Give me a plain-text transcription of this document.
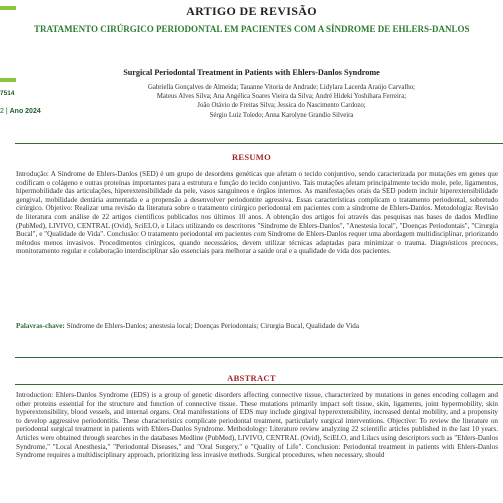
7514
2 | Ano 2024
ARTIGO DE REVISÃO
TRATAMENTO CIRÚRGICO PERIODONTAL EM PACIENTES COM A SÍNDROME DE EHLERS-DANLOS
Surgical Periodontal Treatment in Patients with Ehlers-Danlos Syndrome
Gabriella Gonçalves de Almeida; Tauanne Vitoria de Andrade; Lidylara Lacerda Araújo Carvalho;
Mateus Alves Silva; Ana Angélica Soares Vieira da Silva; André Hideki Yoshihara Ferreira;
João Otávio de Freitas Silva; Jessica do Nascimento Cardozo;
Sérgio Luiz Toledo; Anna Karolyne Grandio Silveira
RESUMO

Introdução: A Síndrome de Ehlers-Danlos (SED) é um grupo de desordens genéticas que afetam o tecido conjuntivo, sendo caracterizada por mutações em genes que codificam o colágeno e outras proteínas importantes para a estrutura e função do tecido conjuntivo. Tais mutações afetam principalmente tecido mole, pele, ligamentos, hipermobilidade das articulações, hiperextensibilidade da pele, vasos sanguíneos e órgãos internos. As manifestações orais da SED podem incluir hiperextensibilidade gengival, mobilidade dentária aumentada e a propensão a desenvolver periodontite agressiva. Essas características complicam o tratamento periodontal, sobretudo cirúrgico. Objetivo: Realizar uma revisão da literatura sobre o tratamento cirúrgico periodontal em pacientes com a síndrome de Ehlers-Danlos. Metodologia: Revisão de literatura com análise de 22 artigos científicos publicados nos últimos 10 anos. A obtenção dos artigos foi através das pesquisas nas bases de dados Medline (PubMed), LIVIVO, CENTRAL (Ovid), SciELO, e Lilacs utilizando os descritores "Síndrome de Ehlers-Danlos", "Anestesia local", "Doenças Periodontais", "Cirurgia Bucal", e "Qualidade de Vida". Conclusão: O tratamento periodontal em pacientes com Síndrome de Ehlers-Danlos requer uma abordagem multidisciplinar, priorizando métodos menos invasivos. Procedimentos cirúrgicos, quando necessários, devem utilizar técnicas adaptadas para minimizar o trauma. Diagnósticos precoces, monitoramento regular e colaboração interdisciplinar são essenciais para melhorar a saúde oral e a qualidade de vida dos pacientes.

Palavras-chave: Síndrome de Ehlers-Danlos; anestesia local; Doenças Periodontais; Cirurgia Bucal, Qualidade de Vida

ABSTRACT

Introduction: Ehlers-Danlos Syndrome (EDS) is a group of genetic disorders affecting connective tissue, characterized by mutations in genes encoding collagen and other proteins essential for the structure and function of connective tissue. These mutations primarily impact soft tissue, skin, ligaments, joint hypermobility, skin hyperextensibility, blood vessels, and internal organs. Oral manifestations of EDS may include gingival hyperextensibility, increased dental mobility, and a propensity to develop aggressive periodontitis. These characteristics complicate periodontal treatment, particularly surgical interventions. Objective: To review the literature on periodontal surgical treatment in patients with Ehlers-Danlos Syndrome. Methodology: Literature review analyzing 22 scientific articles published in the last 10 years. Articles were obtained through searches in the databases Medline (PubMed), LIVIVO, CENTRAL (Ovid), SciELO, and Lilacs using descriptors such as "Ehlers-Danlos Syndrome," "Local Anesthesia," "Periodontal Diseases," and "Oral Surgery," e "Quality of Life". Conclusion: Periodontal treatment in patients with Ehlers-Danlos Syndrome requires a multidisciplinary approach, prioritizing less invasive methods. Surgical procedures, when necessary, should
